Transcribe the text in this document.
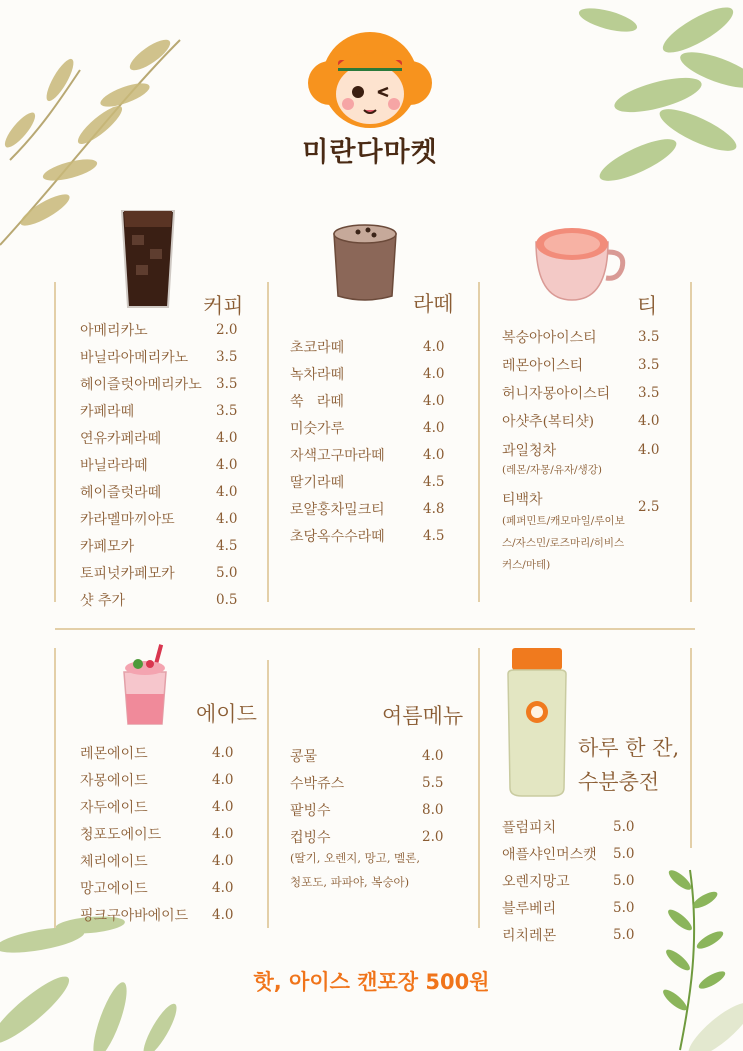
미란다마켓
커피	라떼	티
에이드	여름메뉴
하루 한 잔,
수분충전
아메리카노	2.0
바닐라아메리카노 3.5
헤이즐럿아메리카노 3.5
카페라떼	3.5
연유카페라떼	4.0
바닐라라떼	4.0
헤이즐럿라떼	4.0
카라멜마끼아또	4.0
카페모카	4.5
토피넛카페모카	5.0
샷 추가	0.5
초코라떼	4.0
녹차라떼	4.0
쑥   라떼	4.0
미숫가루	4.0
자색고구마라떼	4.0
딸기라떼	4.5
로얄홍차밀크티	4.8
초당옥수수라떼	4.5
복숭아아이스티	3.5
레몬아이스티	3.5
허니자몽아이스티 3.5
아샷추(복티샷)	4.0
과일청차	4.0
(레몬/자몽/유자/생강)
티백차	2.5
(페퍼민트/캐모마일/루이보
스/자스민/로즈마리/히비스
커스/마테)
레몬에이드	4.0
자몽에이드	4.0
자두에이드	4.0
청포도에이드	4.0
체리에이드	4.0
망고에이드	4.0
핑크구아바에이드 4.0
콩물	4.0
수박쥬스	5.5
팥빙수	8.0
컵빙수	2.0
(딸기, 오렌지, 망고, 멜론,
청포도, 파파야, 복숭아)
플럼피치	5.0
애플샤인머스캣 5.0
오렌지망고	5.0
블루베리	5.0
리치레몬	5.0
핫, 아이스 캔포장 500원
